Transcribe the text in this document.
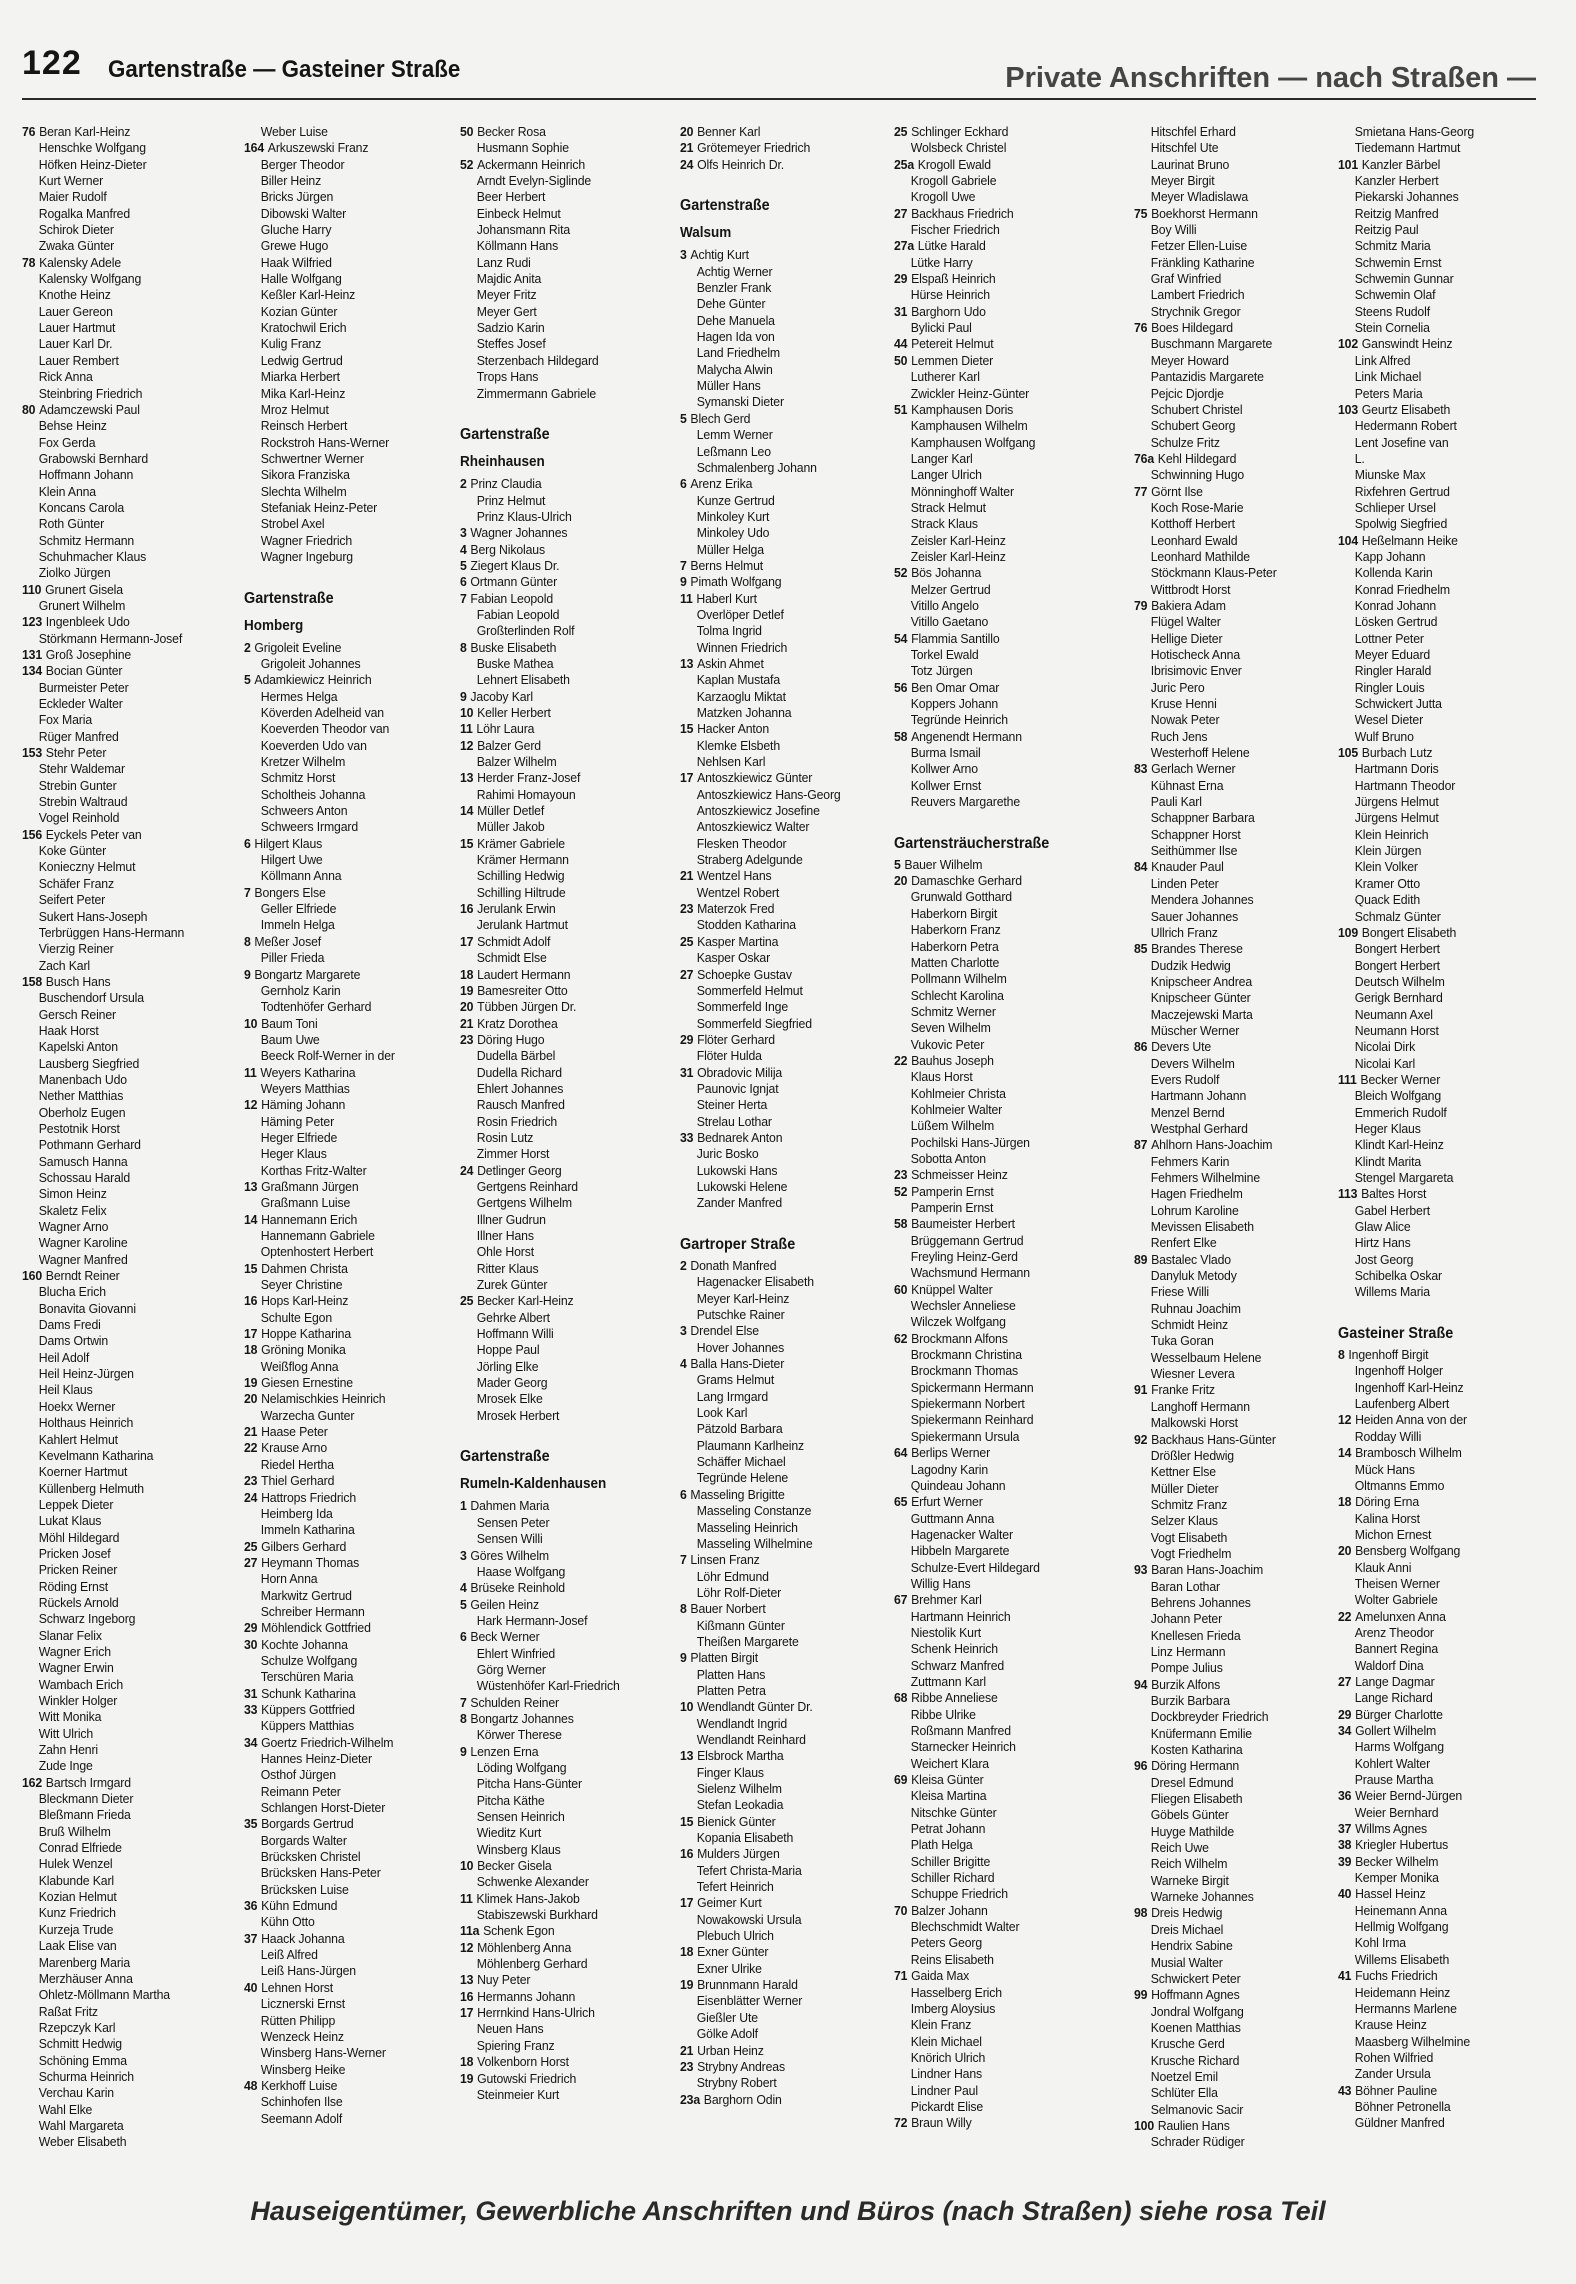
122 Gartenstraße — Gasteiner Straße	Private Anschriften — nach Straßen —
76 Beran Karl-Heinz
Henschke Wolfgang
Höfken Heinz-Dieter
Kurt Werner
Maier Rudolf
Rogalka Manfred
Schirok Dieter
Zwaka Günter
78 Kalensky Adele
Kalensky Wolfgang
Knothe Heinz
Lauer Gereon
Lauer Hartmut
Lauer Karl Dr.
Lauer Rembert
Rick Anna
Steinbring Friedrich
80 Adamczewski Paul
Behse Heinz
Fox Gerda
Grabowski Bernhard
Hoffmann Johann
Klein Anna
Koncans Carola
Roth Günter
Schmitz Hermann
Schuhmacher Klaus
Ziolko Jürgen
110 Grunert Gisela
Grunert Wilhelm
123 Ingenbleek Udo
Störkmann Hermann-Josef
131 Groß Josephine
134 Bocian Günter
Burmeister Peter
Eckleder Walter
Fox Maria
Rüger Manfred
153 Stehr Peter
Stehr Waldemar
Strebin Gunter
Strebin Waltraud
Vogel Reinhold
156 Eyckels Peter van
Koke Günter
Konieczny Helmut
Schäfer Franz
Seifert Peter
Sukert Hans-Joseph
Terbrüggen Hans-Hermann
Vierzig Reiner
Zach Karl
158 Busch Hans
Buschendorf Ursula
Gersch Reiner
Haak Horst
Kapelski Anton
Lausberg Siegfried
Manenbach Udo
Nether Matthias
Oberholz Eugen
Pestotnik Horst
Pothmann Gerhard
Samusch Hanna
Schossau Harald
Simon Heinz
Skaletz Felix
Wagner Arno
Wagner Karoline
Wagner Manfred
160 Berndt Reiner
Blucha Erich
Bonavita Giovanni
Dams Fredi
Dams Ortwin
Heil Adolf
Heil Heinz-Jürgen
Heil Klaus
Hoekx Werner
Holthaus Heinrich
Kahlert Helmut
Kevelmann Katharina
Koerner Hartmut
Küllenberg Helmuth
Leppek Dieter
Lukat Klaus
Möhl Hildegard
Pricken Josef
Pricken Reiner
Röding Ernst
Rückels Arnold
Schwarz Ingeborg
Slanar Felix
Wagner Erich
Wagner Erwin
Wambach Erich
Winkler Holger
Witt Monika
Witt Ulrich
Zahn Henri
Zude Inge
162 Bartsch Irmgard
Bleckmann Dieter
Bleßmann Frieda
Bruß Wilhelm
Conrad Elfriede
Hulek Wenzel
Klabunde Karl
Kozian Helmut
Kunz Friedrich
Kurzeja Trude
Laak Elise van
Marenberg Maria
Merzhäuser Anna
Ohletz-Möllmann Martha
Raßat Fritz
Rzepczyk Karl
Schmitt Hedwig
Schöning Emma
Schurma Heinrich
Verchau Karin
Wahl Elke
Wahl Margareta
Weber Elisabeth
Weber Luise
164 Arkuszewski Franz
Berger Theodor
Biller Heinz
Bricks Jürgen
Dibowski Walter
Gluche Harry
Grewe Hugo
Haak Wilfried
Halle Wolfgang
Keßler Karl-Heinz
Kozian Günter
Kratochwil Erich
Kulig Franz
Ledwig Gertrud
Miarka Herbert
Mika Karl-Heinz
Mroz Helmut
Reinsch Herbert
Rockstroh Hans-Werner
Schwertner Werner
Sikora Franziska
Slechta Wilhelm
Stefaniak Heinz-Peter
Strobel Axel
Wagner Friedrich
Wagner Ingeburg
Gartenstraße
Homberg
2 Grigoleit Eveline
Grigoleit Johannes
5 Adamkiewicz Heinrich
Hermes Helga
Köverden Adelheid van
Koeverden Theodor van
Koeverden Udo van
Kretzer Wilhelm
Schmitz Horst
Scholtheis Johanna
Schweers Anton
Schweers Irmgard
6 Hilgert Klaus
Hilgert Uwe
Köllmann Anna
7 Bongers Else
Geller Elfriede
Immeln Helga
8 Meßer Josef
Piller Frieda
9 Bongartz Margarete
Gernholz Karin
Todtenhöfer Gerhard
10 Baum Toni
Baum Uwe
Beeck Rolf-Werner in der
11 Weyers Katharina
Weyers Matthias
12 Häming Johann
Häming Peter
Heger Elfriede
Heger Klaus
Korthas Fritz-Walter
13 Graßmann Jürgen
Graßmann Luise
14 Hannemann Erich
Hannemann Gabriele
Optenhostert Herbert
15 Dahmen Christa
Seyer Christine
16 Hops Karl-Heinz
Schulte Egon
17 Hoppe Katharina
18 Gröning Monika
Weißflog Anna
19 Giesen Ernestine
20 Nelamischkies Heinrich
Warzecha Gunter
21 Haase Peter
22 Krause Arno
Riedel Hertha
23 Thiel Gerhard
24 Hattrops Friedrich
Heimberg Ida
Immeln Katharina
25 Gilbers Gerhard
27 Heymann Thomas
Horn Anna
Markwitz Gertrud
Schreiber Hermann
29 Möhlendick Gottfried
30 Kochte Johanna
Schulze Wolfgang
Terschüren Maria
31 Schunk Katharina
33 Küppers Gottfried
Küppers Matthias
34 Goertz Friedrich-Wilhelm
Hannes Heinz-Dieter
Osthof Jürgen
Reimann Peter
Schlangen Horst-Dieter
35 Borgards Gertrud
Borgards Walter
Brücksken Christel
Brücksken Hans-Peter
Brücksken Luise
36 Kühn Edmund
Kühn Otto
37 Haack Johanna
Leiß Alfred
Leiß Hans-Jürgen
40 Lehnen Horst
Licznerski Ernst
Rütten Philipp
Wenzeck Heinz
Winsberg Hans-Werner
Winsberg Heike
48 Kerkhoff Luise
Schinhofen Ilse
Seemann Adolf
50 Becker Rosa
Husmann Sophie
52 Ackermann Heinrich
Arndt Evelyn-Siglinde
Beer Herbert
Einbeck Helmut
Johansmann Rita
Köllmann Hans
Lanz Rudi
Majdic Anita
Meyer Fritz
Meyer Gert
Sadzio Karin
Steffes Josef
Sterzenbach Hildegard
Trops Hans
Zimmermann Gabriele
Gartenstraße
Rheinhausen
2 Prinz Claudia
Prinz Helmut
Prinz Klaus-Ulrich
3 Wagner Johannes
4 Berg Nikolaus
5 Ziegert Klaus Dr.
6 Ortmann Günter
7 Fabian Leopold
Fabian Leopold
Großterlinden Rolf
8 Buske Elisabeth
Buske Mathea
Lehnert Elisabeth
9 Jacoby Karl
10 Keller Herbert
11 Löhr Laura
12 Balzer Gerd
Balzer Wilhelm
13 Herder Franz-Josef
Rahimi Homayoun
14 Müller Detlef
Müller Jakob
15 Krämer Gabriele
Krämer Hermann
Schilling Hedwig
Schilling Hiltrude
16 Jerulank Erwin
Jerulank Hartmut
17 Schmidt Adolf
Schmidt Else
18 Laudert Hermann
19 Bamesreiter Otto
20 Tübben Jürgen Dr.
21 Kratz Dorothea
23 Döring Hugo
Dudella Bärbel
Dudella Richard
Ehlert Johannes
Rausch Manfred
Rosin Friedrich
Rosin Lutz
Zimmer Horst
24 Detlinger Georg
Gertgens Reinhard
Gertgens Wilhelm
Illner Gudrun
Illner Hans
Ohle Horst
Ritter Klaus
Zurek Günter
25 Becker Karl-Heinz
Gehrke Albert
Hoffmann Willi
Hoppe Paul
Jörling Elke
Mader Georg
Mrosek Elke
Mrosek Herbert
Gartenstraße
Rumeln-Kaldenhausen
1 Dahmen Maria
Sensen Peter
Sensen Willi
3 Göres Wilhelm
Haase Wolfgang
4 Brüseke Reinhold
5 Geilen Heinz
Hark Hermann-Josef
6 Beck Werner
Ehlert Winfried
Görg Werner
Wüstenhöfer Karl-Friedrich
7 Schulden Reiner
8 Bongartz Johannes
Körwer Therese
9 Lenzen Erna
Löding Wolfgang
Pitcha Hans-Günter
Pitcha Käthe
Sensen Heinrich
Wieditz Kurt
Winsberg Klaus
10 Becker Gisela
Schwenke Alexander
11 Klimek Hans-Jakob
Stabiszewski Burkhard
11a Schenk Egon
12 Möhlenberg Anna
Möhlenberg Gerhard
13 Nuy Peter
16 Hermanns Johann
17 Herrnkind Hans-Ulrich
Neuen Hans
Spiering Franz
18 Volkenborn Horst
19 Gutowski Friedrich
Steinmeier Kurt
20 Benner Karl
21 Grötemeyer Friedrich
24 Olfs Heinrich Dr.
Gartenstraße
Walsum
3 Achtig Kurt
Achtig Werner
Benzler Frank
Dehe Günter
Dehe Manuela
Hagen Ida von
Land Friedhelm
Malycha Alwin
Müller Hans
Symanski Dieter
5 Blech Gerd
Lemm Werner
Leßmann Leo
Schmalenberg Johann
6 Arenz Erika
Kunze Gertrud
Minkoley Kurt
Minkoley Udo
Müller Helga
7 Berns Helmut
9 Pimath Wolfgang
11 Haberl Kurt
Overlöper Detlef
Tolma Ingrid
Winnen Friedrich
13 Askin Ahmet
Kaplan Mustafa
Karzaoglu Miktat
Matzken Johanna
15 Hacker Anton
Klemke Elsbeth
Nehlsen Karl
17 Antoszkiewicz Günter
Antoszkiewicz Hans-Georg
Antoszkiewicz Josefine
Antoszkiewicz Walter
Flesken Theodor
Straberg Adelgunde
21 Wentzel Hans
Wentzel Robert
23 Materzok Fred
Stodden Katharina
25 Kasper Martina
Kasper Oskar
27 Schoepke Gustav
Sommerfeld Helmut
Sommerfeld Inge
Sommerfeld Siegfried
29 Flöter Gerhard
Flöter Hulda
31 Obradovic Milija
Paunovic Ignjat
Steiner Herta
Strelau Lothar
33 Bednarek Anton
Juric Bosko
Lukowski Hans
Lukowski Helene
Zander Manfred
Gartroper Straße
2 Donath Manfred
Hagenacker Elisabeth
Meyer Karl-Heinz
Putschke Rainer
3 Drendel Else
Hover Johannes
4 Balla Hans-Dieter
Grams Helmut
Lang Irmgard
Look Karl
Pätzold Barbara
Plaumann Karlheinz
Schäffer Michael
Tegründe Helene
6 Masseling Brigitte
Masseling Constanze
Masseling Heinrich
Masseling Wilhelmine
7 Linsen Franz
Löhr Edmund
Löhr Rolf-Dieter
8 Bauer Norbert
Kißmann Günter
Theißen Margarete
9 Platten Birgit
Platten Hans
Platten Petra
10 Wendlandt Günter Dr.
Wendlandt Ingrid
Wendlandt Reinhard
13 Elsbrock Martha
Finger Klaus
Sielenz Wilhelm
Stefan Leokadia
15 Bienick Günter
Kopania Elisabeth
16 Mulders Jürgen
Tefert Christa-Maria
Tefert Heinrich
17 Geimer Kurt
Nowakowski Ursula
Plebuch Ulrich
18 Exner Günter
Exner Ulrike
19 Brunnmann Harald
Eisenblätter Werner
Gießler Ute
Gölke Adolf
21 Urban Heinz
23 Strybny Andreas
Strybny Robert
23a Barghorn Odin
25 Schlinger Eckhard
Wolsbeck Christel
25a Krogoll Ewald
Krogoll Gabriele
Krogoll Uwe
27 Backhaus Friedrich
Fischer Friedrich
27a Lütke Harald
Lütke Harry
29 Elspaß Heinrich
Hürse Heinrich
31 Barghorn Udo
Bylicki Paul
44 Petereit Helmut
50 Lemmen Dieter
Lutherer Karl
Zwickler Heinz-Günter
51 Kamphausen Doris
Kamphausen Wilhelm
Kamphausen Wolfgang
Langer Karl
Langer Ulrich
Mönninghoff Walter
Strack Helmut
Strack Klaus
Zeisler Karl-Heinz
Zeisler Karl-Heinz
52 Bös Johanna
Melzer Gertrud
Vitillo Angelo
Vitillo Gaetano
54 Flammia Santillo
Torkel Ewald
Totz Jürgen
56 Ben Omar Omar
Koppers Johann
Tegründe Heinrich
58 Angenendt Hermann
Burma Ismail
Kollwer Arno
Kollwer Ernst
Reuvers Margarethe
Gartensträucherstraße
5 Bauer Wilhelm
20 Damaschke Gerhard
Grunwald Gotthard
Haberkorn Birgit
Haberkorn Franz
Haberkorn Petra
Matten Charlotte
Pollmann Wilhelm
Schlecht Karolina
Schmitz Werner
Seven Wilhelm
Vukovic Peter
22 Bauhus Joseph
Klaus Horst
Kohlmeier Christa
Kohlmeier Walter
Lüßem Wilhelm
Pochilski Hans-Jürgen
Sobotta Anton
23 Schmeisser Heinz
52 Pamperin Ernst
Pamperin Ernst
58 Baumeister Herbert
Brüggemann Gertrud
Freyling Heinz-Gerd
Wachsmund Hermann
60 Knüppel Walter
Wechsler Anneliese
Wilczek Wolfgang
62 Brockmann Alfons
Brockmann Christina
Brockmann Thomas
Spickermann Hermann
Spiekermann Norbert
Spiekermann Reinhard
Spiekermann Ursula
64 Berlips Werner
Lagodny Karin
Quindeau Johann
65 Erfurt Werner
Guttmann Anna
Hagenacker Walter
Hibbeln Margarete
Schulze-Evert Hildegard
Willig Hans
67 Brehmer Karl
Hartmann Heinrich
Niestolik Kurt
Schenk Heinrich
Schwarz Manfred
Zuttmann Karl
68 Ribbe Anneliese
Ribbe Ulrike
Roßmann Manfred
Starnecker Heinrich
Weichert Klara
69 Kleisa Günter
Kleisa Martina
Nitschke Günter
Petrat Johann
Plath Helga
Schiller Brigitte
Schiller Richard
Schuppe Friedrich
70 Balzer Johann
Blechschmidt Walter
Peters Georg
Reins Elisabeth
71 Gaida Max
Hasselberg Erich
Imberg Aloysius
Klein Franz
Klein Michael
Knörich Ulrich
Lindner Hans
Lindner Paul
Pickardt Elise
72 Braun Willy
Hitschfel Erhard
Hitschfel Ute
Laurinat Bruno
Meyer Birgit
Meyer Wladislawa
75 Boekhorst Hermann
Boy Willi
Fetzer Ellen-Luise
Fränkling Katharine
Graf Winfried
Lambert Friedrich
Strychnik Gregor
76 Boes Hildegard
Buschmann Margarete
Meyer Howard
Pantazidis Margarete
Pejcic Djordje
Schubert Christel
Schubert Georg
Schulze Fritz
76a Kehl Hildegard
Schwinning Hugo
77 Görnt Ilse
Koch Rose-Marie
Kotthoff Herbert
Leonhard Ewald
Leonhard Mathilde
Stöckmann Klaus-Peter
Wittbrodt Horst
79 Bakiera Adam
Flügel Walter
Hellige Dieter
Hotischeck Anna
Ibrisimovic Enver
Juric Pero
Kruse Henni
Nowak Peter
Ruch Jens
Westerhoff Helene
83 Gerlach Werner
Kühnast Erna
Pauli Karl
Schappner Barbara
Schappner Horst
Seithümmer Ilse
84 Knauder Paul
Linden Peter
Mendera Johannes
Sauer Johannes
Ullrich Franz
85 Brandes Therese
Dudzik Hedwig
Knipscheer Andrea
Knipscheer Günter
Maczejewski Marta
Müscher Werner
86 Devers Ute
Devers Wilhelm
Evers Rudolf
Hartmann Johann
Menzel Bernd
Westphal Gerhard
87 Ahlhorn Hans-Joachim
Fehmers Karin
Fehmers Wilhelmine
Hagen Friedhelm
Lohrum Karoline
Mevissen Elisabeth
Renfert Elke
89 Bastalec Vlado
Danyluk Metody
Friese Willi
Ruhnau Joachim
Schmidt Heinz
Tuka Goran
Wesselbaum Helene
Wiesner Levera
91 Franke Fritz
Langhoff Hermann
Malkowski Horst
92 Backhaus Hans-Günter
Drößler Hedwig
Kettner Else
Müller Dieter
Schmitz Franz
Selzer Klaus
Vogt Elisabeth
Vogt Friedhelm
93 Baran Hans-Joachim
Baran Lothar
Behrens Johannes
Johann Peter
Knellesen Frieda
Linz Hermann
Pompe Julius
94 Burzik Alfons
Burzik Barbara
Dockbreyder Friedrich
Knüfermann Emilie
Kosten Katharina
96 Döring Hermann
Dresel Edmund
Fliegen Elisabeth
Göbels Günter
Huyge Mathilde
Reich Uwe
Reich Wilhelm
Warneke Birgit
Warneke Johannes
98 Dreis Hedwig
Dreis Michael
Hendrix Sabine
Musial Walter
Schwickert Peter
99 Hoffmann Agnes
Jondral Wolfgang
Koenen Matthias
Krusche Gerd
Krusche Richard
Noetzel Emil
Schlüter Ella
Selmanovic Sacir
100 Raulien Hans
Schrader Rüdiger
Smietana Hans-Georg
Tiedemann Hartmut
101 Kanzler Bärbel
Kanzler Herbert
Piekarski Johannes
Reitzig Manfred
Reitzig Paul
Schmitz Maria
Schwemin Ernst
Schwemin Gunnar
Schwemin Olaf
Steens Rudolf
Stein Cornelia
102 Ganswindt Heinz
Link Alfred
Link Michael
Peters Maria
103 Geurtz Elisabeth
Hedermann Robert
Lent Josefine van
L.
Miunske Max
Rixfehren Gertrud
Schlieper Ursel
Spolwig Siegfried
104 Heßelmann Heike
Kapp Johann
Kollenda Karin
Konrad Friedhelm
Konrad Johann
Lösken Gertrud
Lottner Peter
Meyer Eduard
Ringler Harald
Ringler Louis
Schwickert Jutta
Wesel Dieter
Wulf Bruno
105 Burbach Lutz
Hartmann Doris
Hartmann Theodor
Jürgens Helmut
Jürgens Helmut
Klein Heinrich
Klein Jürgen
Klein Volker
Kramer Otto
Quack Edith
Schmalz Günter
109 Bongert Elisabeth
Bongert Herbert
Bongert Herbert
Deutsch Wilhelm
Gerigk Bernhard
Neumann Axel
Neumann Horst
Nicolai Dirk
Nicolai Karl
111 Becker Werner
Bleich Wolfgang
Emmerich Rudolf
Heger Klaus
Klindt Karl-Heinz
Klindt Marita
Stengel Margareta
113 Baltes Horst
Gabel Herbert
Glaw Alice
Hirtz Hans
Jost Georg
Schibelka Oskar
Willems Maria
Gasteiner Straße
8 Ingenhoff Birgit
Ingenhoff Holger
Ingenhoff Karl-Heinz
Laufenberg Albert
12 Heiden Anna von der
Rodday Willi
14 Brambosch Wilhelm
Mück Hans
Oltmanns Emmo
18 Döring Erna
Kalina Horst
Michon Ernest
20 Bensberg Wolfgang
Klauk Anni
Theisen Werner
Wolter Gabriele
22 Amelunxen Anna
Arenz Theodor
Bannert Regina
Waldorf Dina
27 Lange Dagmar
Lange Richard
29 Bürger Charlotte
34 Gollert Wilhelm
Harms Wolfgang
Kohlert Walter
Prause Martha
36 Weier Bernd-Jürgen
Weier Bernhard
37 Willms Agnes
38 Kriegler Hubertus
39 Becker Wilhelm
Kemper Monika
40 Hassel Heinz
Heinemann Anna
Hellmig Wolfgang
Kohl Irma
Willems Elisabeth
41 Fuchs Friedrich
Heidemann Heinz
Hermanns Marlene
Krause Heinz
Maasberg Wilhelmine
Rohen Wilfried
Zander Ursula
43 Böhner Pauline
Böhner Petronella
Güldner Manfred
Hauseigentümer, Gewerbliche Anschriften und Büros (nach Straßen) siehe rosa Teil
